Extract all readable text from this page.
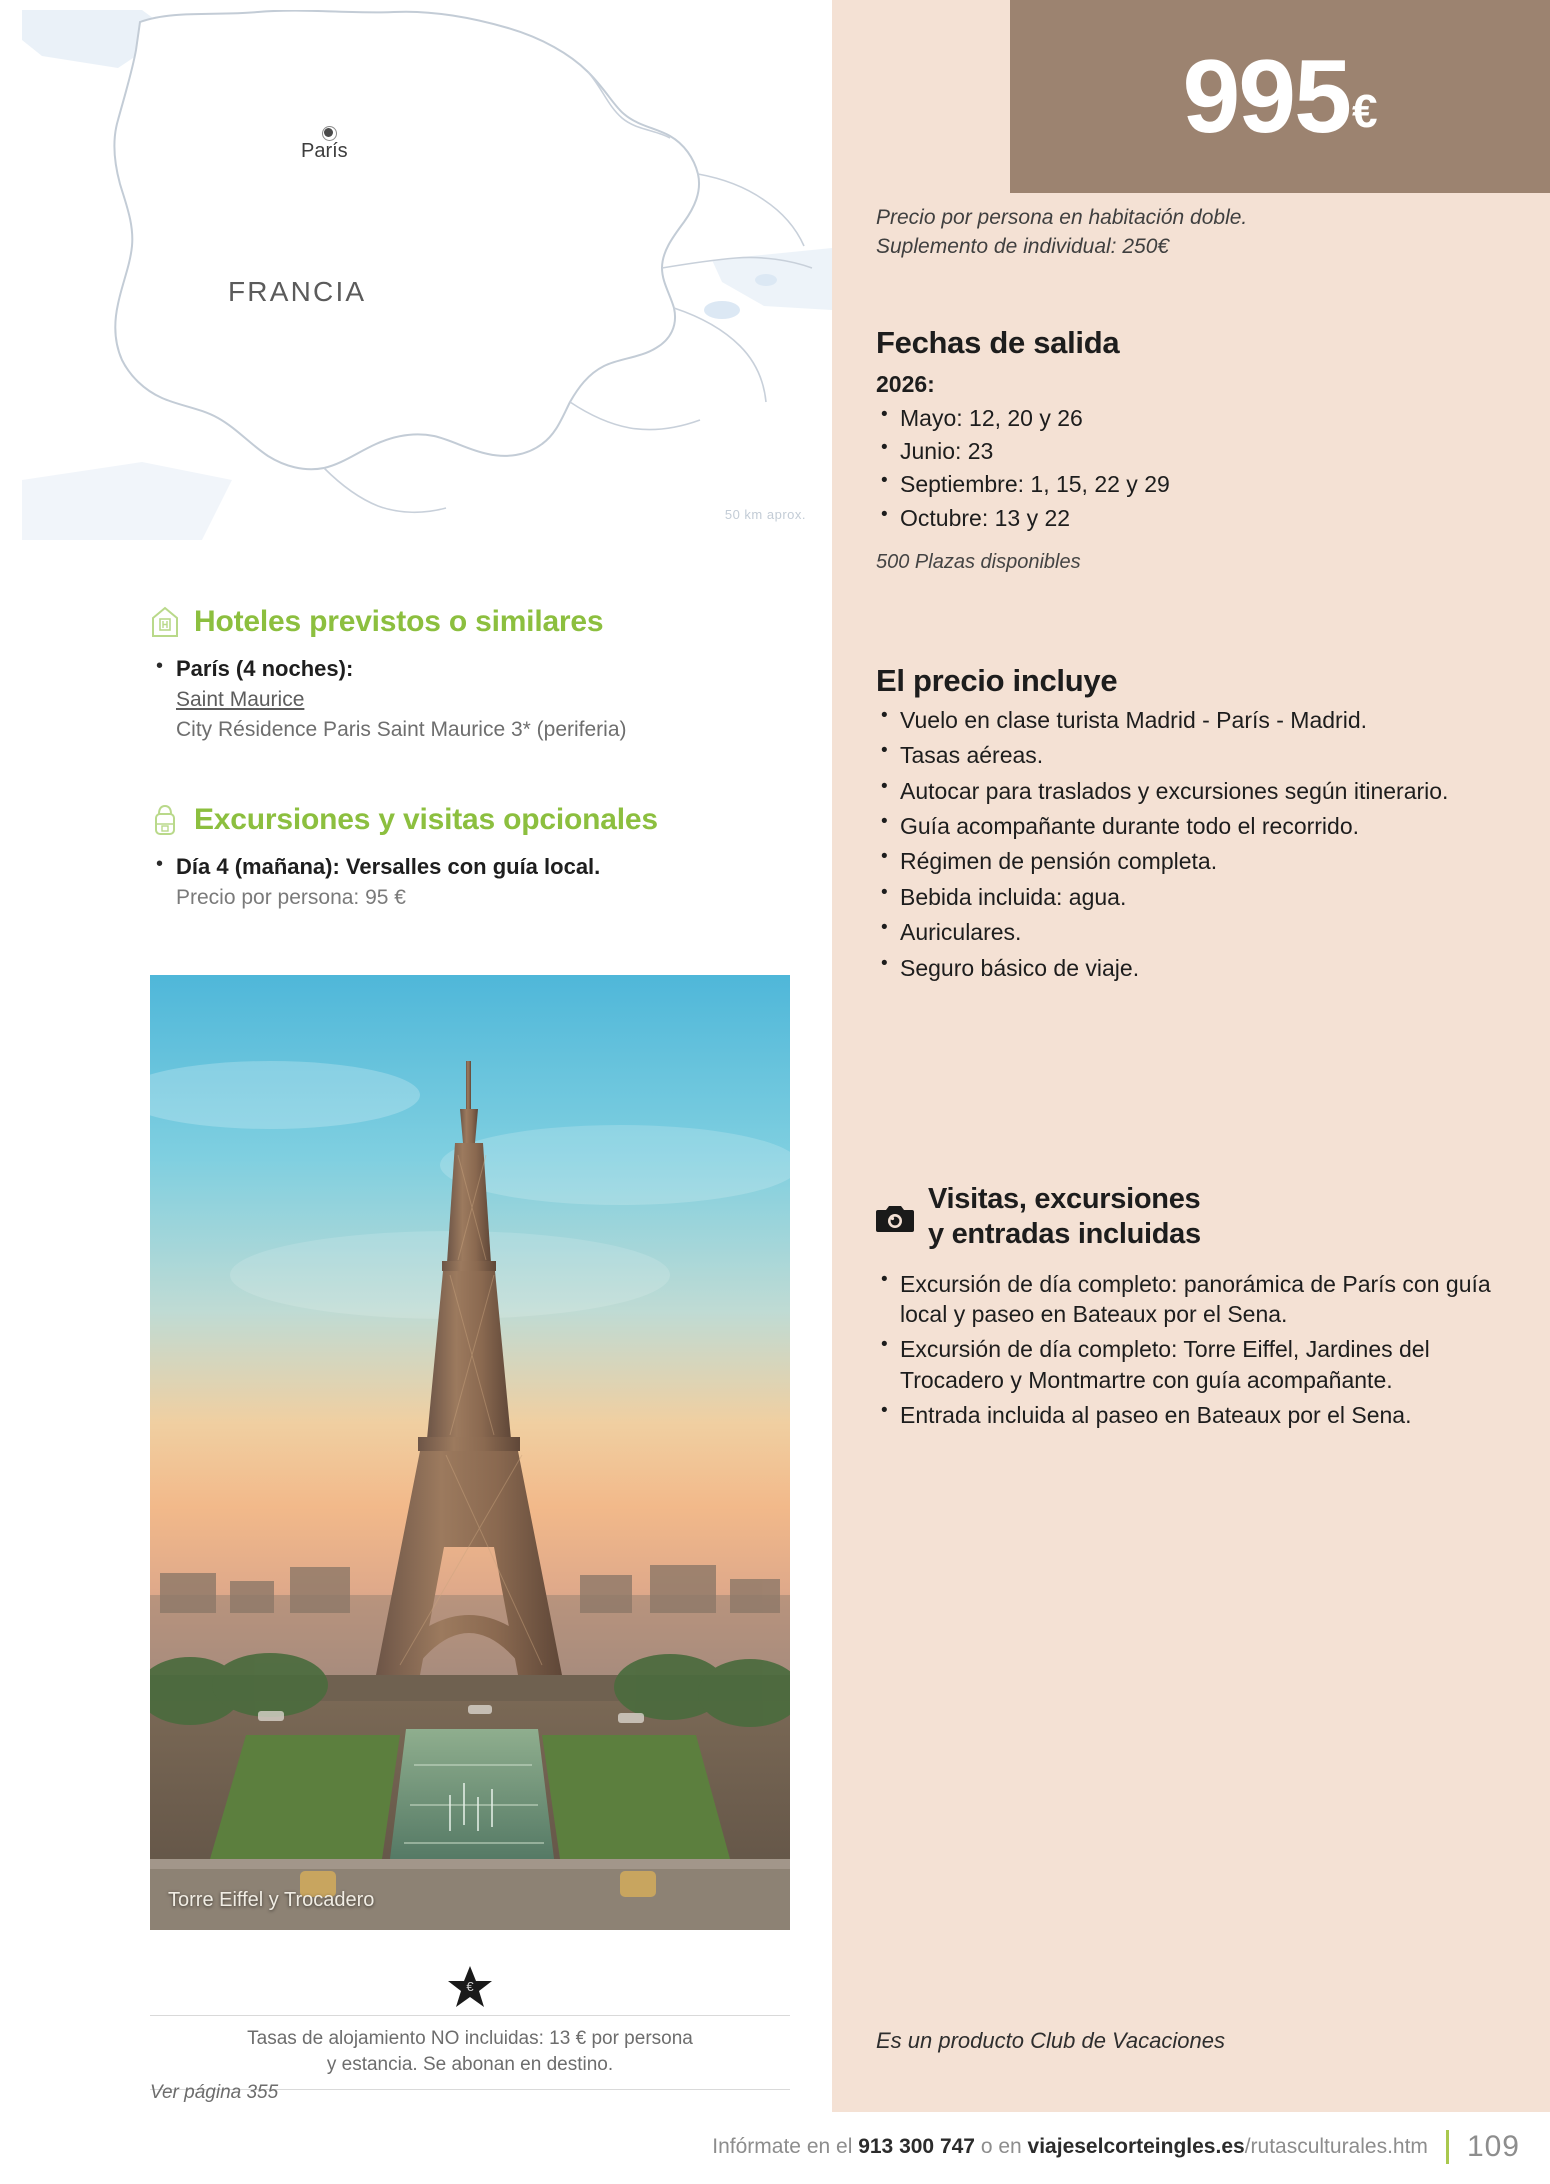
París
FRANCIA
50 km aprox.
Hoteles previstos o similares
• París (4 noches):
Saint Maurice
City Résidence Paris Saint Maurice 3* (periferia)
Excursiones y visitas opcionales
• Día 4 (mañana): Versalles con guía local.
Precio por persona: 95 €
Torre Eiffel y Trocadero
€

Tasas de alojamiento NO incluidas: 13 € por persona

y estancia. Se abonan en destino.

Ver página 355
995 €

Precio por persona en habitación doble.

Suplemento de individual: 250€

Fechas de salida
2026:
• Mayo: 12, 20 y 26
• Junio: 23
• Septiembre: 1, 15, 22 y 29
• Octubre: 13 y 22
500 Plazas disponibles
El precio incluye
• Vuelo en clase turista Madrid - París - Madrid.
• Tasas aéreas.
• Autocar para traslados y excursiones según itinerario.
• Guía acompañante durante todo el recorrido.
• Régimen de pensión completa.
• Bebida incluida: agua.
• Auriculares.
• Seguro básico de viaje.
Visitas, excursiones
y entradas incluidas
• Excursión de día completo: panorámica de París con guía local y paseo en Bateaux por el Sena.
• Excursión de día completo: Torre Eiffel, Jardines del Trocadero y Montmartre con guía acompañante.
• Entrada incluida al paseo en Bateaux por el Sena.
Es un producto Club de Vacaciones
Infórmate en el 913 300 747 o en viajeselcorteingles.es/rutasculturales.htm 109
